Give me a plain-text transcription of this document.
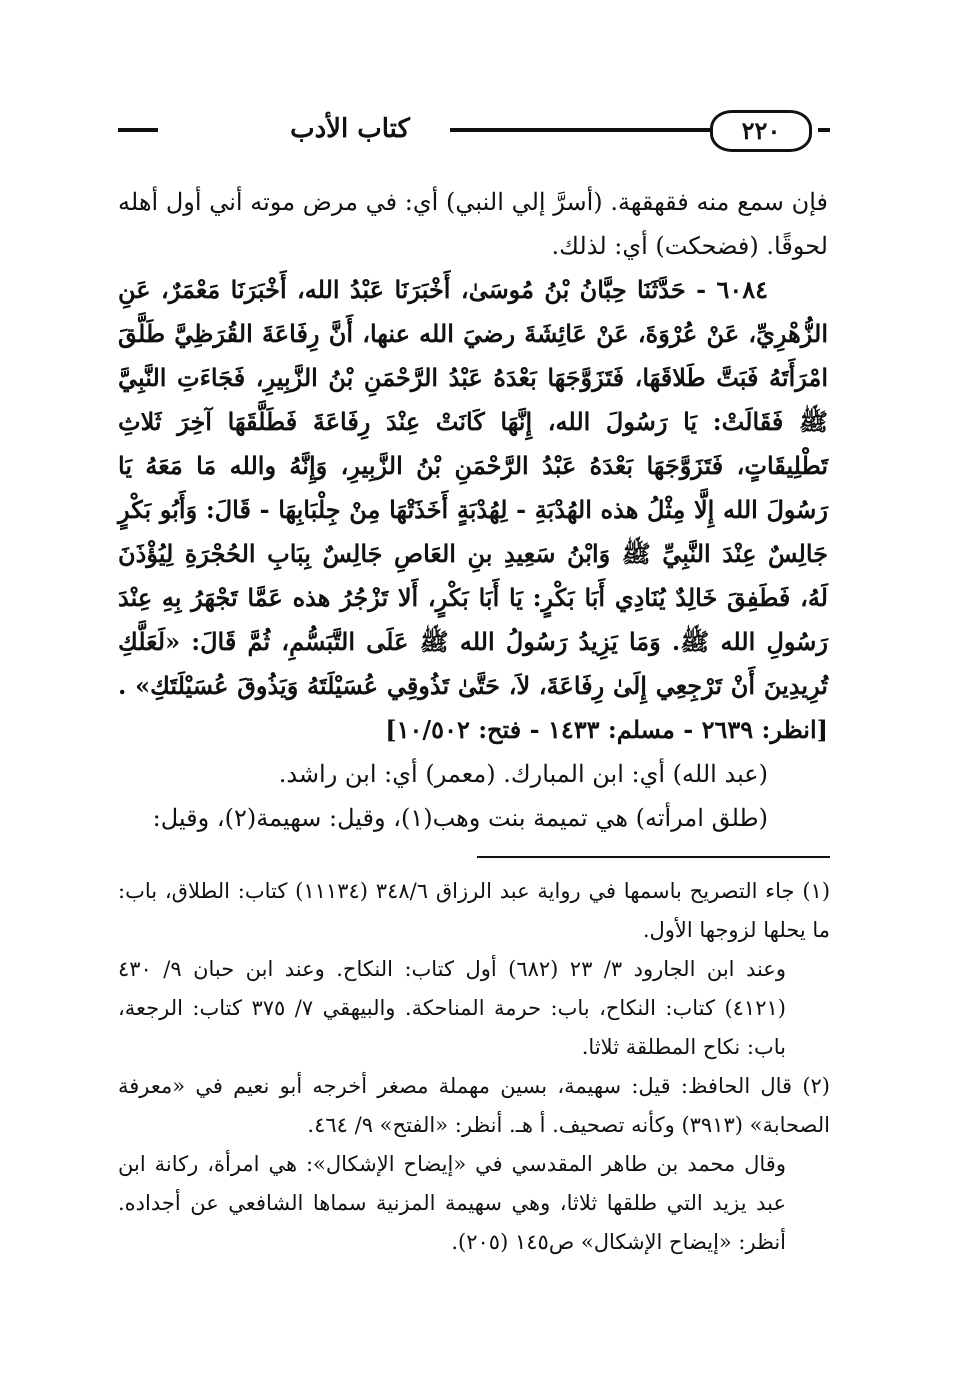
كتاب الأدب	٢٢٠

فإن سمع منه فقهقهة. (أسرَّ إلي النبي) أي: في مرض موته أني أول أهله لحوقًا. (فضحكت) أي: لذلك.

٦٠٨٤ - حَدَّثَنَا حِبَّانُ بْنُ مُوسَىٰ، أَخْبَرَنَا عَبْدُ الله، أَخْبَرَنَا مَعْمَرٌ، عَنِ الزُّهْرِيِّ، عَنْ عُرْوَةَ، عَنْ عَائِشَةَ رضيَ الله عنها، أَنَّ رِفَاعَةَ القُرَظِيَّ طَلَّقَ امْرَأَتَهُ فَبَتَّ طَلاقَهَا، فَتَزَوَّجَهَا بَعْدَهُ عَبْدُ الرَّحْمَنِ بْنُ الزَّبِيرِ، فَجَاءَتِ النَّبِيَّ ﷺ فَقَالَتْ: يَا رَسُولَ الله، إِنَّهَا كَانَتْ عِنْدَ رِفَاعَةَ فَطَلَّقَهَا آخِرَ ثَلاثِ تَطْلِيقَاتٍ، فَتَزَوَّجَهَا بَعْدَهُ عَبْدُ الرَّحْمَنِ بْنُ الزَّبِيرِ، وَإِنَّهُ والله مَا مَعَهُ يَا رَسُولَ الله إِلَّا مِثْلُ هذه الهُدْبَةِ - لِهُدْبَةٍ أَخَذَتْهَا مِنْ جِلْبَابِهَا - قَالَ: وَأَبُو بَكْرٍ جَالِسٌ عِنْدَ النَّبِيِّ ﷺ وَابْنُ سَعِيدِ بنِ العَاصِ جَالِسٌ بِبَابِ الحُجْرَةِ لِيُؤْذَنَ لَهُ، فَطَفِقَ خَالِدٌ يُنَادِي أَبَا بَكْرٍ: يَا أَبَا بَكْرٍ، أَلا تَزْجُرُ هذه عَمَّا تَجْهَرُ بِهِ عِنْدَ رَسُولِ الله ﷺ. وَمَا يَزِيدُ رَسُولُ الله ﷺ عَلَى التَّبَسُّمِ، ثُمَّ قَالَ: «لَعَلَّكِ تُرِيدِينَ أَنْ تَرْجِعِي إِلَىٰ رِفَاعَةَ، لاَ، حَتَّىٰ تَذُوقِي عُسَيْلَتَهُ وَيَذُوقَ عُسَيْلَتَكِ» .[انظر: ٢٦٣٩ - مسلم: ١٤٣٣ - فتح: ١٠/٥٠٢]

(عبد الله) أي: ابن المبارك. (معمر) أي: ابن راشد.

(طلق امرأته) هي تميمة بنت وهب(١)، وقيل: سهيمة(٢)، وقيل:

(١) جاء التصريح باسمها في رواية عبد الرزاق ٣٤٨/٦ (١١١٣٤) كتاب: الطلاق، باب: ما يحلها لزوجها الأول.

وعند ابن الجارود ٣/ ٢٣ (٦٨٢) أول كتاب: النكاح. وعند ابن حبان ٩/ ٤٣٠ (٤١٢١) كتاب: النكاح، باب: حرمة المناحكة. والبيهقي ٧/ ٣٧٥ كتاب: الرجعة، باب: نكاح المطلقة ثلاثا.

(٢) قال الحافظ: قيل: سهيمة، بسين مهملة مصغر أخرجه أبو نعيم في «معرفة الصحابة» (٣٩١٣) وكأنه تصحيف. أ هـ. أنظر: «الفتح» ٩/ ٤٦٤.

وقال محمد بن طاهر المقدسي في «إيضاح الإشكال»: هي امرأة، ركانة ابن عبد يزيد التي طلقها ثلاثا، وهي سهيمة المزنية سماها الشافعي عن أجداده. أنظر: «إيضاح الإشكال» ص١٤٥ (٢٠٥).
